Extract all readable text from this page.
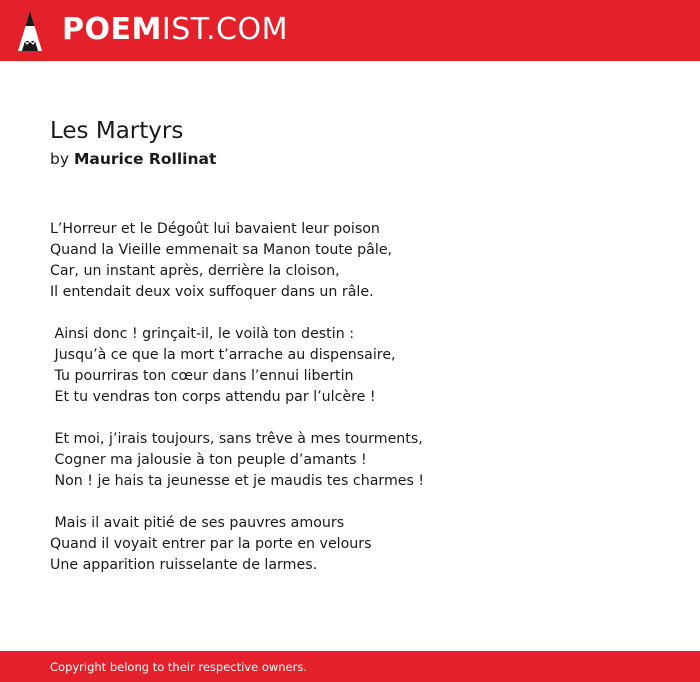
POEMIST.COM
Les Martyrs
by Maurice Rollinat
L’Horreur et le Dégoût lui bavaient leur poison
Quand la Vieille emmenait sa Manon toute pâle,
Car, un instant après, derrière la cloison,
Il entendait deux voix suffoquer dans un râle.
Ainsi donc ! grinçait-il, le voilà ton destin :
Jusqu’à ce que la mort t’arrache au dispensaire,
Tu pourriras ton cœur dans l’ennui libertin
Et tu vendras ton corps attendu par l’ulcère !
Et moi, j’irais toujours, sans trêve à mes tourments,
Cogner ma jalousie à ton peuple d’amants !
Non ! je hais ta jeunesse et je maudis tes charmes !
Mais il avait pitié de ses pauvres amours
Quand il voyait entrer par la porte en velours
Une apparition ruisselante de larmes.
Copyright belong to their respective owners.
